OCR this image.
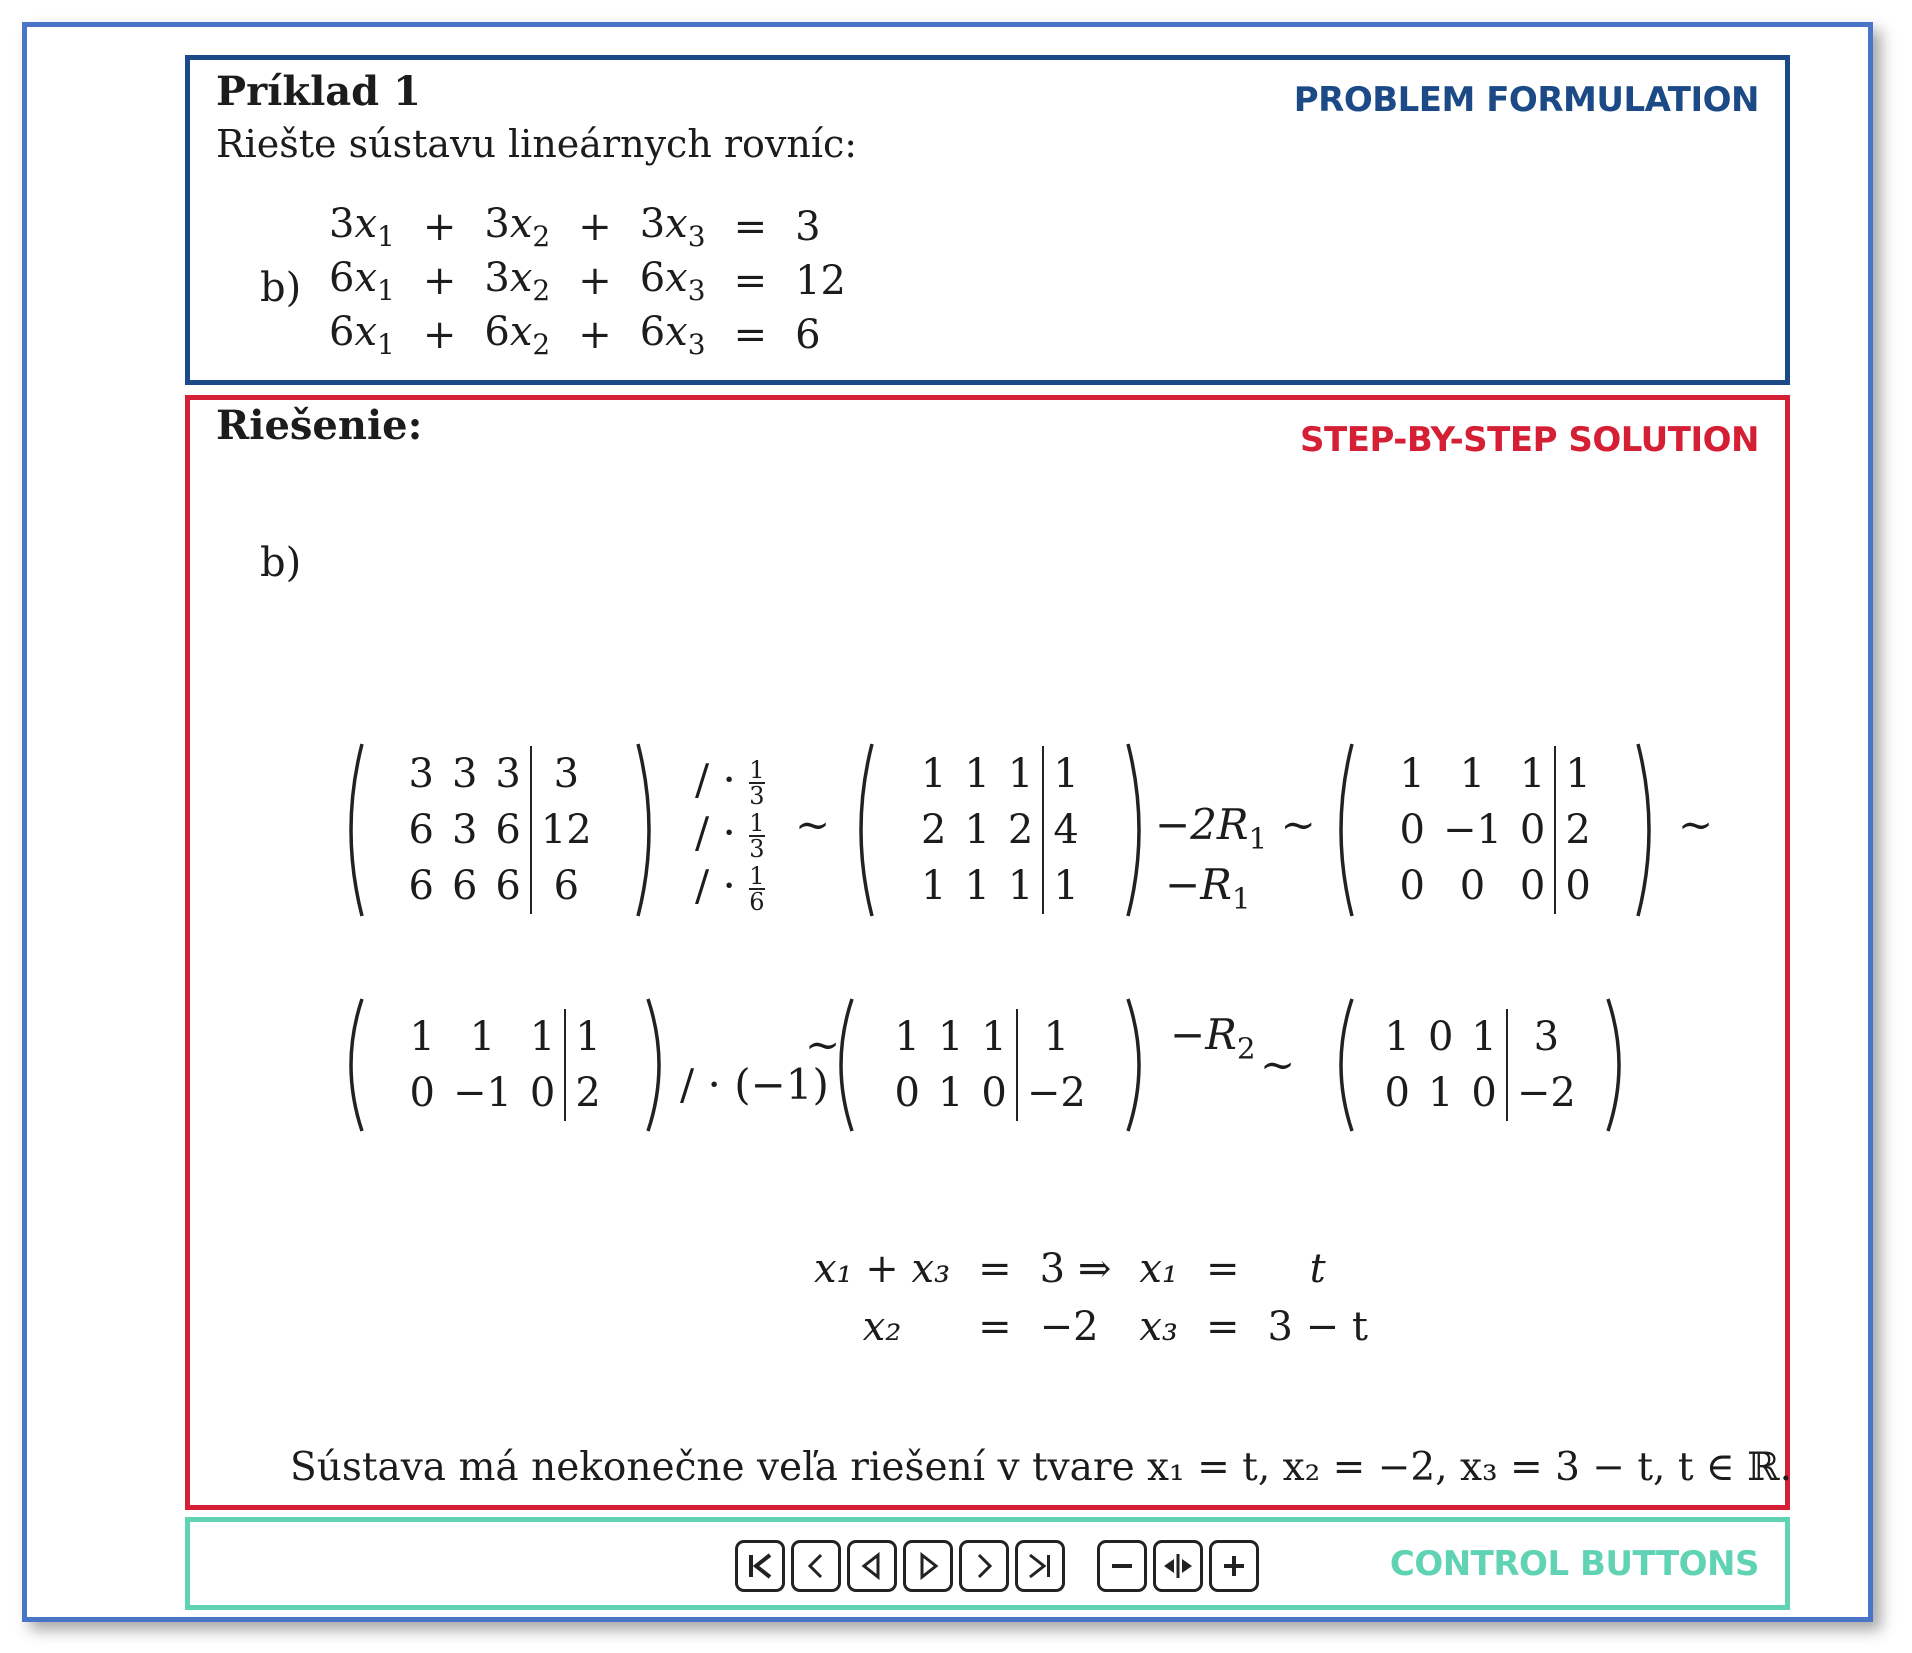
Príklad 1
Riešte sústavu lineárnych rovníc:
PROBLEM FORMULATION
b)
$3x_1$	+	$3x_2$	+	$3x_3$	=	3
$6x_1$	+	$3x_2$	+	$6x_3$	=	12
$6x_1$	+	$6x_2$	+	$6x_3$	=	6
Riešenie:	STEP-BY-STEP SOLUTION
b)
3	3	3	3
6	3	6	12
6	6	6	6
/ · $\frac{1}{3}$
/ · $\frac{1}{3}$
/ · $\frac{1}{6}$
∼
1	1	1	1
2	1	2	4
1	1	1	1
$-2R_1$ ∼
$-R_1$
1	1	1	1
0	−1	0	2
0	0	0	0
∼
1	1	1	1
0	−1	0	2 / · (−1)
∼ 1	1	1	1
0	1	0	−2
$-R_2$ ∼
1	0	1	3
0	1	0	−2
x₁ + x₃	=	3 ⇒	x₁	=	t
x₂	=	−2	x₃	=	3 − t
Sústava má nekonečne veľa riešení v tvare x₁ = t, x₂ = −2, x₃ = 3 − t, t ∈ ℝ.
CONTROL BUTTONS
